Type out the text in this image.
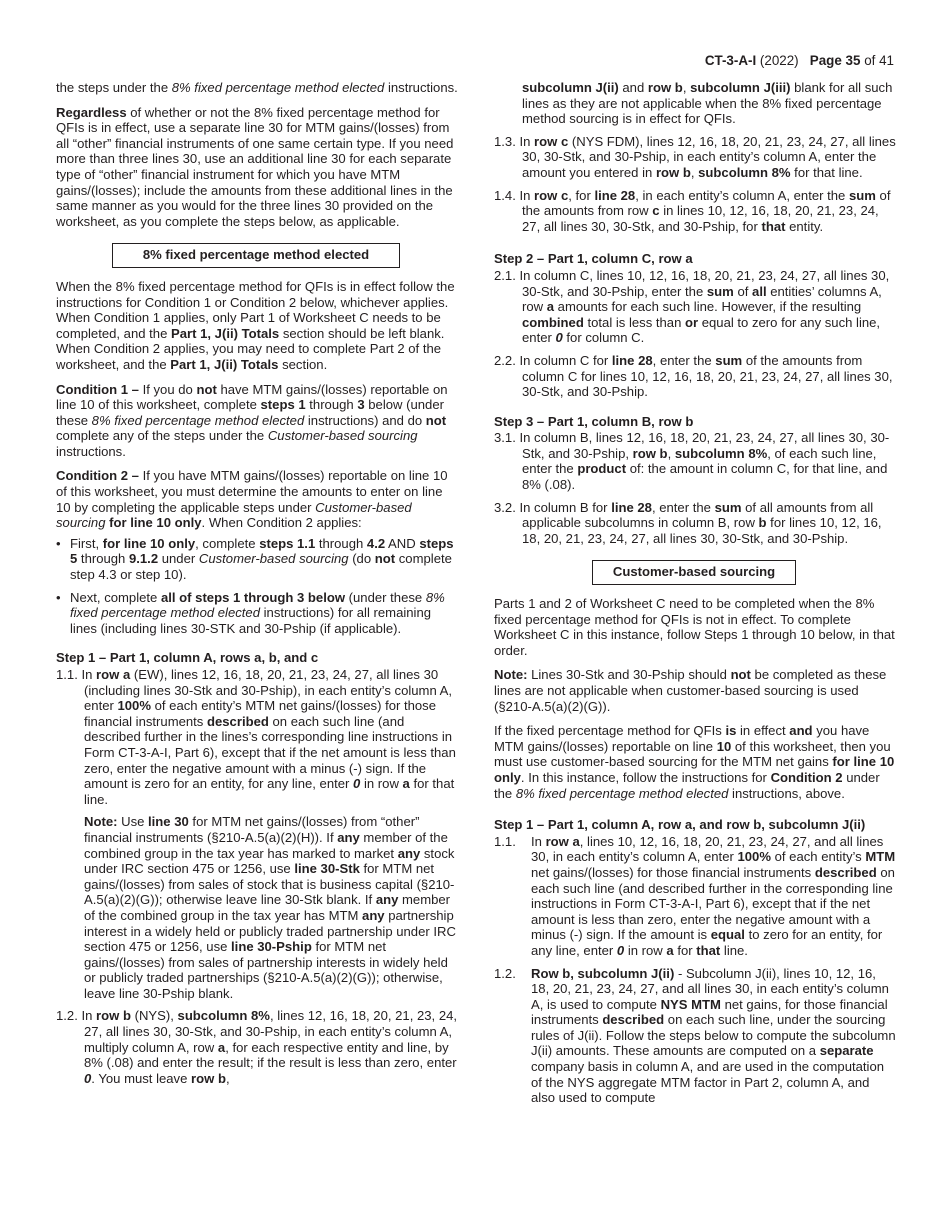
CT-3-A-I (2022) Page 35 of 41

the steps under the 8% fixed percentage method elected instructions.

Regardless of whether or not the 8% fixed percentage method for QFIs is in effect, use a separate line 30 for MTM gains/(losses) from all “other” financial instruments of one same certain type. If you need more than three lines 30, use an additional line 30 for each separate type of “other” financial instrument for which you have MTM gains/(losses); include the amounts from these additional lines in the same manner as you would for the three lines 30 provided on the worksheet, as you complete the steps below, as applicable.

8% fixed percentage method elected

When the 8% fixed percentage method for QFIs is in effect follow the instructions for Condition 1 or Condition 2 below, whichever applies. When Condition 1 applies, only Part 1 of Worksheet C needs to be completed, and the Part 1, J(ii) Totals section should be left blank. When Condition 2 applies, you may need to complete Part 2 of the worksheet, and the Part 1, J(ii) Totals section.

Condition 1 – If you do not have MTM gains/(losses) reportable on line 10 of this worksheet, complete steps 1 through 3 below (under these 8% fixed percentage method elected instructions) and do not complete any of the steps under the Customer-based sourcing instructions.

Condition 2 – If you have MTM gains/(losses) reportable on line 10 of this worksheet, you must determine the amounts to enter on line 10 by completing the applicable steps under Customer-based sourcing for line 10 only. When Condition 2 applies:

• First, for line 10 only, complete steps 1.1 through 4.2 AND steps 5 through 9.1.2 under Customer-based sourcing (do not complete step 4.3 or step 10).
• Next, complete all of steps 1 through 3 below (under these 8% fixed percentage method elected instructions) for all remaining lines (including lines 30-STK and 30-Pship (if applicable).
Step 1 – Part 1, column A, rows a, b, and c
1.1. In row a (EW), lines 12, 16, 18, 20, 21, 23, 24, 27, all lines 30 (including lines 30-Stk and 30-Pship), in each entity’s column A, enter 100% of each entity’s MTM net gains/(losses) for those financial instruments described on each such line (and described further in the lines’s corresponding line instructions in Form CT-3-A-I, Part 6), except that if the net amount is less than zero, enter the negative amount with a minus (-) sign. If the amount is zero for an entity, for any line, enter 0 in row a for that line.
Note: Use line 30 for MTM net gains/(losses) from “other” financial instruments (§210-A.5(a)(2)(H)). If any member of the combined group in the tax year has marked to market any stock under IRC section 475 or 1256, use line 30-Stk for MTM net gains/(losses) from sales of stock that is business capital (§210-A.5(a)(2)(G)); otherwise leave line 30-Stk blank. If any member of the combined group in the tax year has MTM any partnership interest in a widely held or publicly traded partnership under IRC section 475 or 1256, use line 30-Pship for MTM net gains/(losses) from sales of partnership interests in widely held or publicly traded partnerships (§210-A.5(a)(2)(G)); otherwise, leave line 30-Pship blank.
1.2. In row b (NYS), subcolumn 8%, lines 12, 16, 18, 20, 21, 23, 24, 27, all lines 30, 30-Stk, and 30-Pship, in each entity’s column A, multiply column A, row a, for each respective entity and line, by 8% (.08) and enter the result; if the result is less than zero, enter 0. You must leave row b,
subcolumn J(ii) and row b, subcolumn J(iii) blank for all such lines as they are not applicable when the 8% fixed percentage method sourcing is in effect for QFIs.
1.3. In row c (NYS FDM), lines 12, 16, 18, 20, 21, 23, 24, 27, all lines 30, 30-Stk, and 30-Pship, in each entity’s column A, enter the amount you entered in row b, subcolumn 8% for that line.
1.4. In row c, for line 28, in each entity’s column A, enter the sum of the amounts from row c in lines 10, 12, 16, 18, 20, 21, 23, 24, 27, all lines 30, 30-Stk, and 30-Pship, for that entity.
Step 2 – Part 1, column C, row a
2.1. In column C, lines 10, 12, 16, 18, 20, 21, 23, 24, 27, all lines 30, 30-Stk, and 30-Pship, enter the sum of all entities’ columns A, row a amounts for each such line. However, if the resulting combined total is less than or equal to zero for any such line, enter 0 for column C.
2.2. In column C for line 28, enter the sum of the amounts from column C for lines 10, 12, 16, 18, 20, 21, 23, 24, 27, all lines 30, 30-Stk, and 30-Pship.
Step 3 – Part 1, column B, row b
3.1. In column B, lines 12, 16, 18, 20, 21, 23, 24, 27, all lines 30, 30-Stk, and 30-Pship, row b, subcolumn 8%, of each such line, enter the product of: the amount in column C, for that line, and 8% (.08).
3.2. In column B for line 28, enter the sum of all amounts from all applicable subcolumns in column B, row b for lines 10, 12, 16, 18, 20, 21, 23, 24, 27, all lines 30, 30-Stk, and 30-Pship.
Customer-based sourcing

Parts 1 and 2 of Worksheet C need to be completed when the 8% fixed percentage method for QFIs is not in effect. To complete Worksheet C in this instance, follow Steps 1 through 10 below, in that order.

Note: Lines 30-Stk and 30-Pship should not be completed as these lines are not applicable when customer-based sourcing is used (§210-A.5(a)(2)(G)).

If the fixed percentage method for QFIs is in effect and you have MTM gains/(losses) reportable on line 10 of this worksheet, then you must use customer-based sourcing for the MTM net gains for line 10 only. In this instance, follow the instructions for Condition 2 under the 8% fixed percentage method elected instructions, above.

Step 1 – Part 1, column A, row a, and row b, subcolumn J(ii)
1.1. In row a, lines 10, 12, 16, 18, 20, 21, 23, 24, 27, and all lines 30, in each entity’s column A, enter 100% of each entity’s MTM net gains/(losses) for those financial instruments described on each such line (and described further in the corresponding line instructions in Form CT-3-A-I, Part 6), except that if the net amount is less than zero, enter the negative amount with a minus (-) sign. If the amount is equal to zero for an entity, for any line, enter 0 in row a for that line.
1.2. Row b, subcolumn J(ii) - Subcolumn J(ii), lines 10, 12, 16, 18, 20, 21, 23, 24, 27, and all lines 30, in each entity’s column A, is used to compute NYS MTM net gains, for those financial instruments described on each such line, under the sourcing rules of J(ii). Follow the steps below to compute the subcolumn J(ii) amounts. These amounts are computed on a separate company basis in column A, and are used in the computation of the NYS aggregate MTM factor in Part 2, column A, and also used to compute
